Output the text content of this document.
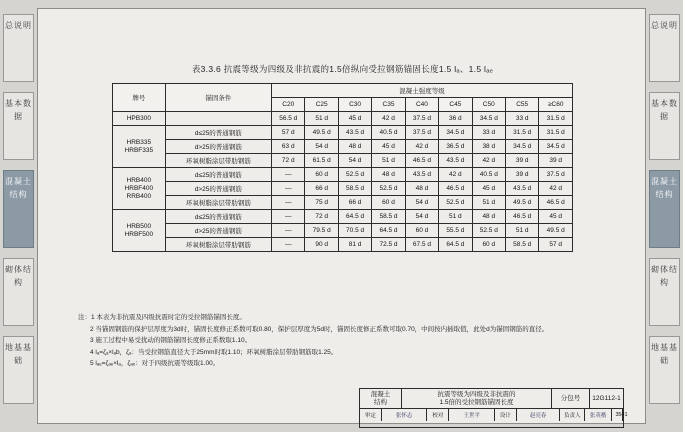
总说明
基本数据
混凝土结构
砌体结构
地基基础
总说明
基本数据
混凝土结构
砌体结构
地基基础
表3.3.6 抗震等级为四级及非抗震的1.5倍纵向受拉钢筋锚固长度1.5 lₐ、1.5 lₐₑ
牌号	锚固条件	混凝土强度等级								
		C20	C25	C30	C35	C40	C45	C50	C55	≥C60
HPB300		56.5 d	51 d	45 d	42 d	37.5 d	36 d	34.5 d	33 d	31.5 d
HRB335
HRBF335	d≤25的普通钢筋	57 d	49.5 d	43.5 d	40.5 d	37.5 d	34.5 d	33 d	31.5 d	31.5 d
	d>25的普通钢筋	63 d	54 d	48 d	45 d	42 d	36.5 d	38 d	34.5 d	34.5 d
	环氧树脂涂层带肋钢筋	72 d	61.5 d	54 d	51 d	46.5 d	43.5 d	42 d	39 d	39 d
HRB400
HRBF400
RRB400	d≤25的普通钢筋	—	60 d	52.5 d	48 d	43.5 d	42 d	40.5 d	39 d	37.5 d
	d>25的普通钢筋	—	66 d	58.5 d	52.5 d	48 d	46.5 d	45 d	43.5 d	42 d
	环氧树脂涂层带肋钢筋	—	75 d	66 d	60 d	54 d	52.5 d	51 d	49.5 d	46.5 d
HRB500
HRBF500	d≤25的普通钢筋	—	72 d	64.5 d	58.5 d	54 d	51 d	48 d	46.5 d	45 d
	d>25的普通钢筋	—	79.5 d	70.5 d	64.5 d	60 d	55.5 d	52.5 d	51 d	49.5 d
	环氧树脂涂层带肋钢筋	—	90 d	81 d	72.5 d	67.5 d	64.5 d	60 d	58.5 d	57 d
注：1 本表为非抗震及四级抗震时定的受拉钢筋锚固长度。
2 当锚固钢筋的保护层厚度为3d时，锚固长度修正系数可取0.80，保护层厚度为5d时，锚固长度修正系数可取0.70，中间按内插取值，此处d为锚固钢筋的直径。
3 施工过程中易受扰动的钢筋锚固长度修正系数取1.10。
4 lₐ=ζₐ×lₐb，ζₐ：当受拉钢筋直径大于25mm时取1.10；环氧树脂涂层带肋钢筋取1.25。
5 lₐₑ=ζₐₑ×lₐ，ζₐₑ：对于四级抗震等级取1.00。
混凝土
结构
抗震等级为四级及非抗震的
1.5倍的受拉钢筋锚固长度
分包号	12G112-1
审定	张怀志	校对	王世平	设计	赵亮春	负责人	张英楷	3 541
